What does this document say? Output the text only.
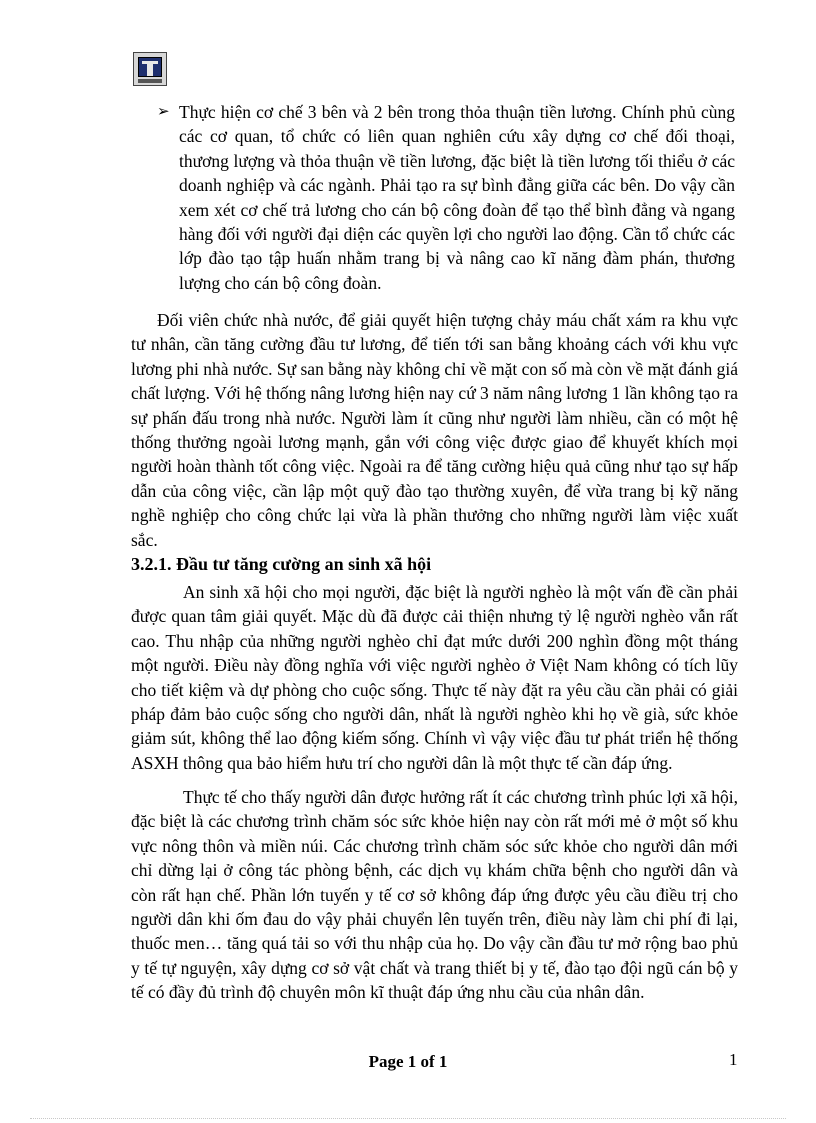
➢ Thực hiện cơ chế 3 bên và 2 bên trong thỏa thuận tiền lương. Chính phủ cùng các cơ quan, tổ chức có liên quan nghiên cứu xây dựng cơ chế đối thoại, thương lượng và thỏa thuận về tiền lương, đặc biệt là tiền lương tối thiểu ở các doanh nghiệp và các ngành. Phải tạo ra sự bình đẳng giữa các bên. Do vậy cần xem xét cơ chế trả lương cho cán bộ công đoàn để tạo thể bình đẳng và ngang hàng đối với người đại diện các quyền lợi cho người lao động. Cần tổ chức các lớp đào tạo tập huấn nhằm trang bị và nâng cao kĩ năng đàm phán, thương lượng cho cán bộ công đoàn.
Đối viên chức nhà nước, để giải quyết hiện tượng chảy máu chất xám ra khu vực tư nhân, cần tăng cường đầu tư lương, để tiến tới san bằng khoảng cách với khu vực lương phi nhà nước. Sự san bằng này không chỉ về mặt con số mà còn về mặt đánh giá chất lượng. Với hệ thống nâng lương hiện nay cứ 3 năm nâng lương 1 lần không tạo ra sự phấn đấu trong nhà nước. Người làm ít cũng như người làm nhiều, cần có một hệ thống thưởng ngoài lương mạnh, gắn với công việc được giao để khuyết khích mọi người hoàn thành tốt công việc. Ngoài ra để tăng cường hiệu quả cũng như tạo sự hấp dẫn của công việc, cần lập một quỹ đào tạo thường xuyên, để vừa trang bị kỹ năng nghề nghiệp cho công chức lại vừa là phần thưởng cho những người làm việc xuất sắc.
3.2.1. Đầu tư tăng cường an sinh xã hội
An sinh xã hội cho mọi người, đặc biệt là người nghèo là một vấn đề cần phải được quan tâm giải quyết. Mặc dù đã được cải thiện nhưng tỷ lệ người nghèo vẫn rất cao. Thu nhập của những người nghèo chỉ đạt mức dưới 200 nghìn đồng một tháng một người. Điều này đồng nghĩa với việc người nghèo ở Việt Nam không có tích lũy cho tiết kiệm và dự phòng cho cuộc sống. Thực tế này đặt ra yêu cầu cần phải có giải pháp đảm bảo cuộc sống cho người dân, nhất là người nghèo khi họ về già, sức khỏe giảm sút, không thể lao động kiếm sống. Chính vì vậy việc đầu tư phát triển hệ thống ASXH thông qua bảo hiểm hưu trí cho người dân là một thực tế cần đáp ứng.
Thực tế cho thấy người dân được hưởng rất ít các chương trình phúc lợi xã hội, đặc biệt là các chương trình chăm sóc sức khỏe hiện nay còn rất mới mẻ ở một số khu vực nông thôn và miền núi. Các chương trình chăm sóc sức khỏe cho người dân mới chỉ dừng lại ở công tác phòng bệnh, các dịch vụ khám chữa bệnh cho người dân và còn rất hạn chế. Phần lớn tuyến y tế cơ sở không đáp ứng được yêu cầu điều trị cho người dân khi ốm đau do vậy phải chuyển lên tuyến trên, điều này làm chi phí đi lại, thuốc men… tăng quá tải so với thu nhập của họ. Do vậy cần đầu tư mở rộng bao phủ y tế tự nguyện, xây dựng cơ sở vật chất và trang thiết bị y tế, đào tạo đội ngũ cán bộ y tế có đầy đủ trình độ chuyên môn kĩ thuật đáp ứng nhu cầu của nhân dân.
Page 1 of 1	1
